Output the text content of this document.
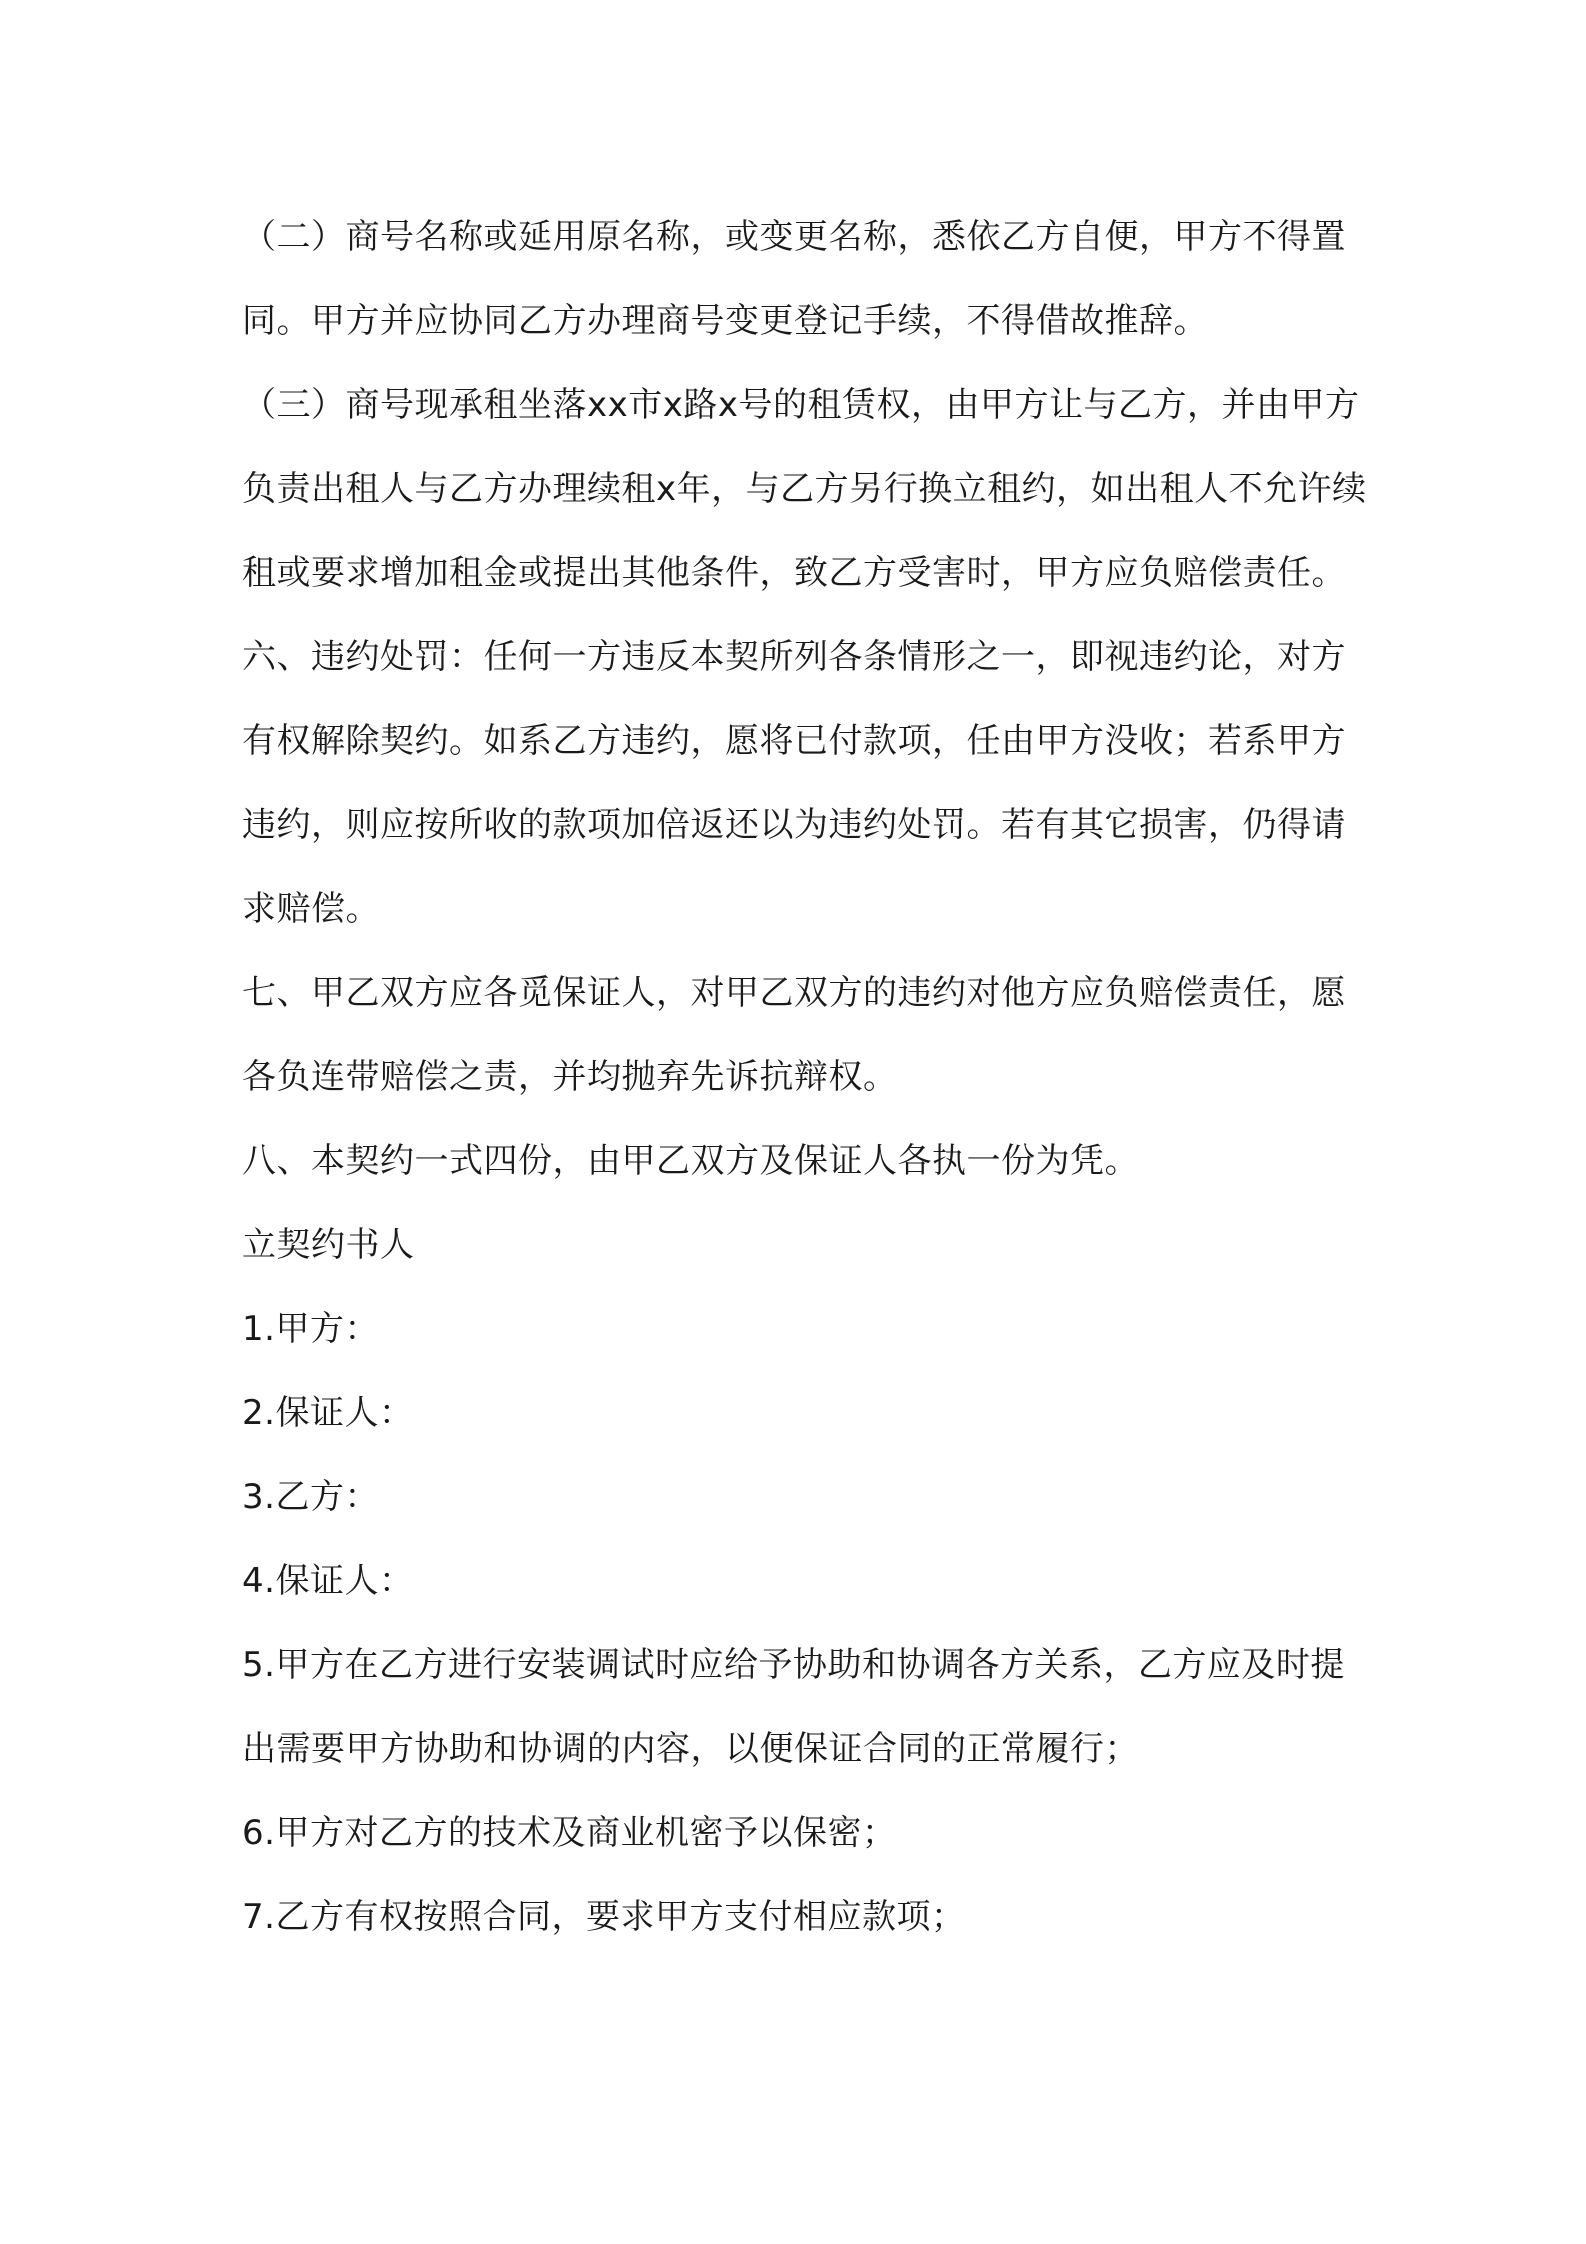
（二）商号名称或延用原名称，或变更名称，悉依乙方自便，甲方不得置同。甲方并应协同乙方办理商号变更登记手续，不得借故推辞。

（三）商号现承租坐落xx市x路x号的租赁权，由甲方让与乙方，并由甲方负责出租人与乙方办理续租x年，与乙方另行换立租约，如出租人不允许续租或要求增加租金或提出其他条件，致乙方受害时，甲方应负赔偿责任。

六、违约处罚：任何一方违反本契所列各条情形之一，即视违约论，对方有权解除契约。如系乙方违约，愿将已付款项，任由甲方没收；若系甲方违约，则应按所收的款项加倍返还以为违约处罚。若有其它损害，仍得请求赔偿。

七、甲乙双方应各觅保证人，对甲乙双方的违约对他方应负赔偿责任，愿各负连带赔偿之责，并均抛弃先诉抗辩权。

八、本契约一式四份，由甲乙双方及保证人各执一份为凭。

立契约书人

1.甲方：

2.保证人：

3.乙方：

4.保证人：

5.甲方在乙方进行安装调试时应给予协助和协调各方关系，乙方应及时提出需要甲方协助和协调的内容，以便保证合同的正常履行；

6.甲方对乙方的技术及商业机密予以保密；

7.乙方有权按照合同，要求甲方支付相应款项；
